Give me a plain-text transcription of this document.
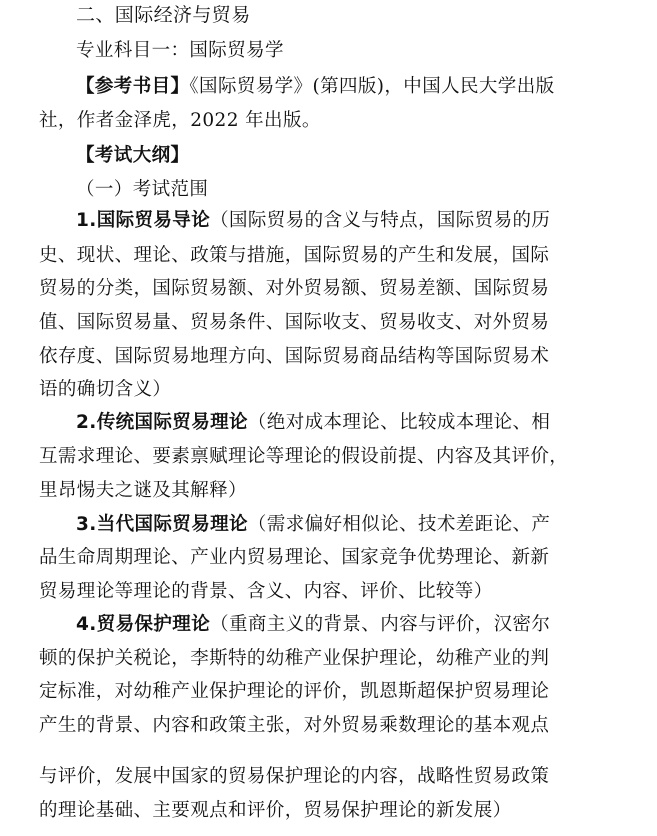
二、国际经济与贸易
专业科目一：国际贸易学
【参考书目】《国际贸易学》(第四版)，中国人民大学出版
社，作者金泽虎，2022 年出版。
【考试大纲】
（一）考试范围
1.国际贸易导论（国际贸易的含义与特点，国际贸易的历
史、现状、理论、政策与措施，国际贸易的产生和发展，国际
贸易的分类，国际贸易额、对外贸易额、贸易差额、国际贸易
值、国际贸易量、贸易条件、国际收支、贸易收支、对外贸易
依存度、国际贸易地理方向、国际贸易商品结构等国际贸易术
语的确切含义）
2.传统国际贸易理论（绝对成本理论、比较成本理论、相
互需求理论、要素禀赋理论等理论的假设前提、内容及其评价，
里昂惕夫之谜及其解释）
3.当代国际贸易理论（需求偏好相似论、技术差距论、产
品生命周期理论、产业内贸易理论、国家竞争优势理论、新新
贸易理论等理论的背景、含义、内容、评价、比较等）
4.贸易保护理论（重商主义的背景、内容与评价，汉密尔
顿的保护关税论，李斯特的幼稚产业保护理论，幼稚产业的判
定标准，对幼稚产业保护理论的评价，凯恩斯超保护贸易理论
产生的背景、内容和政策主张，对外贸易乘数理论的基本观点
与评价，发展中国家的贸易保护理论的内容，战略性贸易政策
的理论基础、主要观点和评价，贸易保护理论的新发展）
